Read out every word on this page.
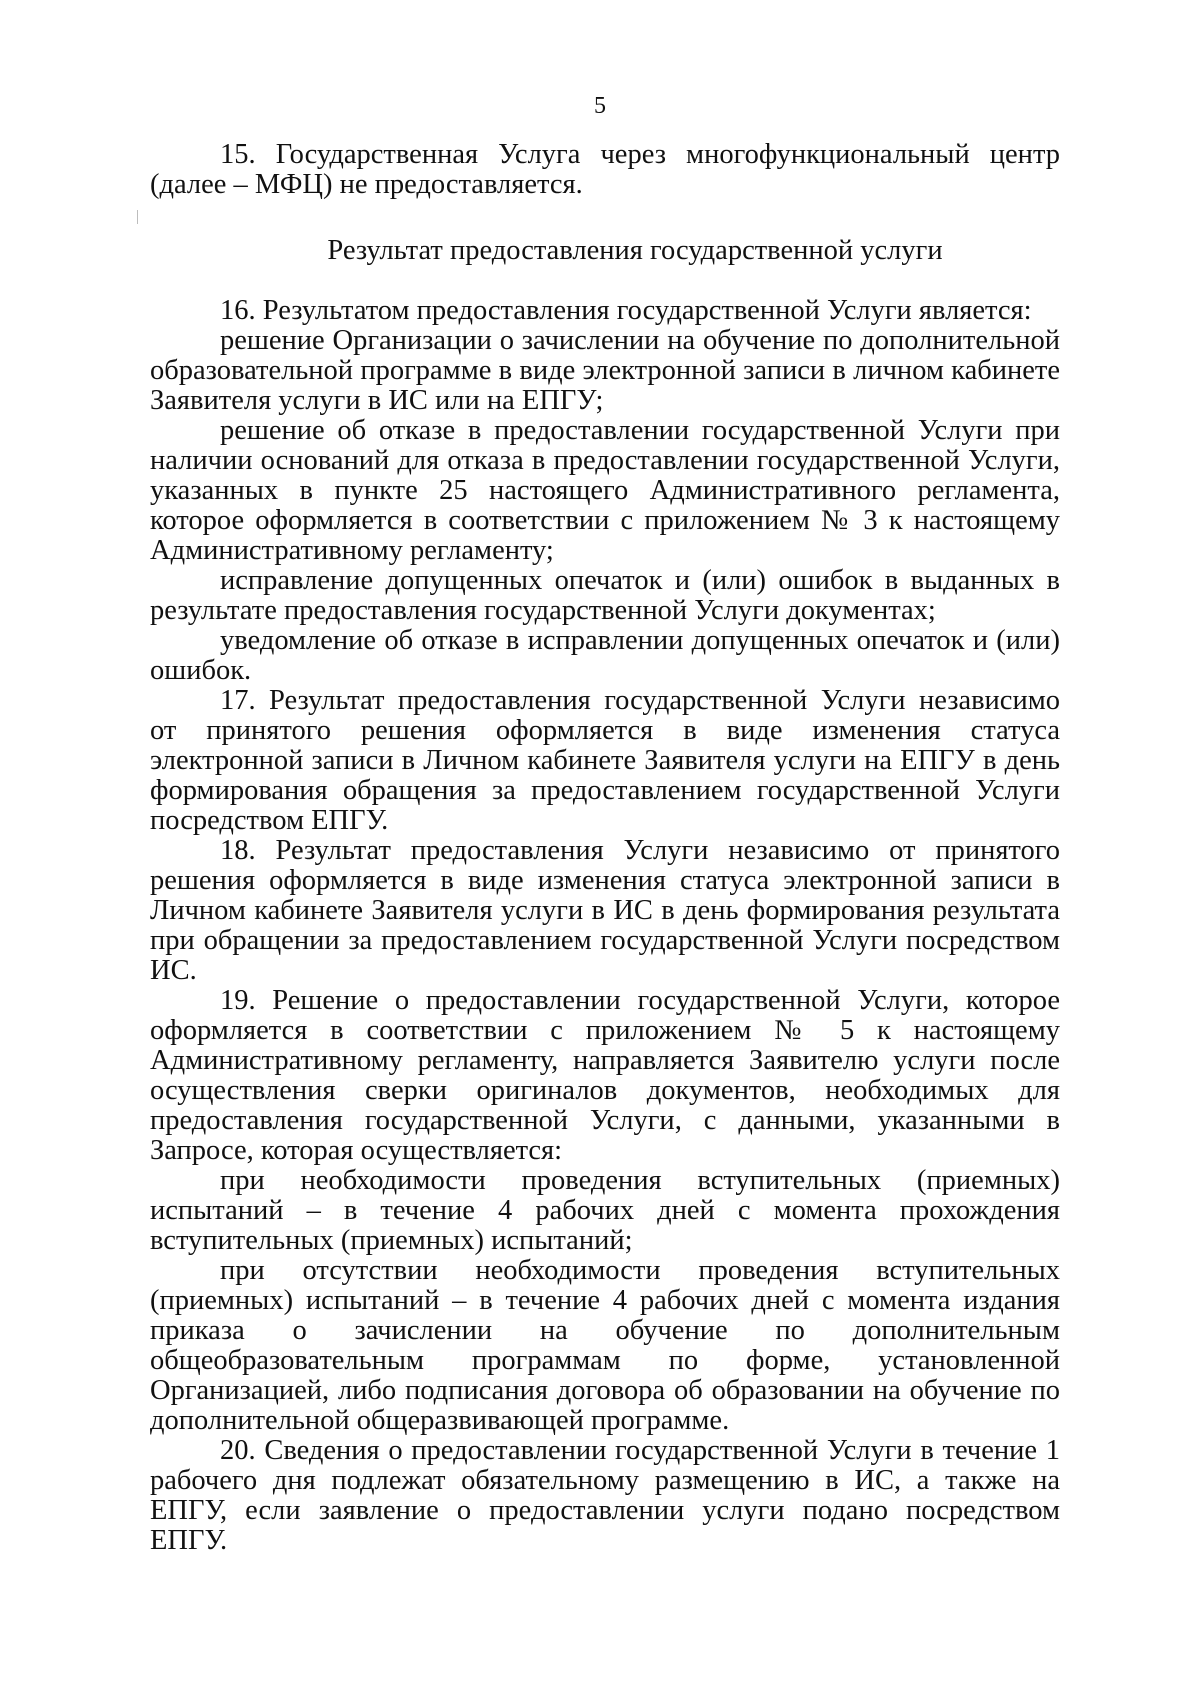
5

15. Государственная Услуга через многофункциональный центр (далее – МФЦ) не предоставляется.

Результат предоставления государственной услуги

16. Результатом предоставления государственной Услуги является:

решение Организации о зачислении на обучение по дополнительной образовательной программе в виде электронной записи в личном кабинете Заявителя услуги в ИС или на ЕПГУ;

решение об отказе в предоставлении государственной Услуги при наличии оснований для отказа в предоставлении государственной Услуги, указанных в пункте 25 настоящего Административного регламента, которое оформляется в соответствии с приложением № 3 к настоящему Административному регламенту;

исправление допущенных опечаток и (или) ошибок в выданных в результате предоставления государственной Услуги документах;

уведомление об отказе в исправлении допущенных опечаток и (или) ошибок.

17. Результат предоставления государственной Услуги независимо от принятого решения оформляется в виде изменения статуса электронной записи в Личном кабинете Заявителя услуги на ЕПГУ в день формирования обращения за предоставлением государственной Услуги посредством ЕПГУ.

18. Результат предоставления Услуги независимо от принятого решения оформляется в виде изменения статуса электронной записи в Личном кабинете Заявителя услуги в ИС в день формирования результата при обращении за предоставлением государственной Услуги посредством ИС.

19. Решение о предоставлении государственной Услуги, которое оформляется в соответствии с приложением № 5 к настоящему Административному регламенту, направляется Заявителю услуги после осуществления сверки оригиналов документов, необходимых для предоставления государственной Услуги, с данными, указанными в Запросе, которая осуществляется:

при необходимости проведения вступительных (приемных) испытаний – в течение 4 рабочих дней с момента прохождения вступительных (приемных) испытаний;

при отсутствии необходимости проведения вступительных (приемных) испытаний – в течение 4 рабочих дней с момента издания приказа о зачислении на обучение по дополнительным общеобразовательным программам по форме, установленной Организацией, либо подписания договора об образовании на обучение по дополнительной общеразвивающей программе.

20. Сведения о предоставлении государственной Услуги в течение 1 рабочего дня подлежат обязательному размещению в ИС, а также на ЕПГУ, если заявление о предоставлении услуги подано посредством ЕПГУ.
